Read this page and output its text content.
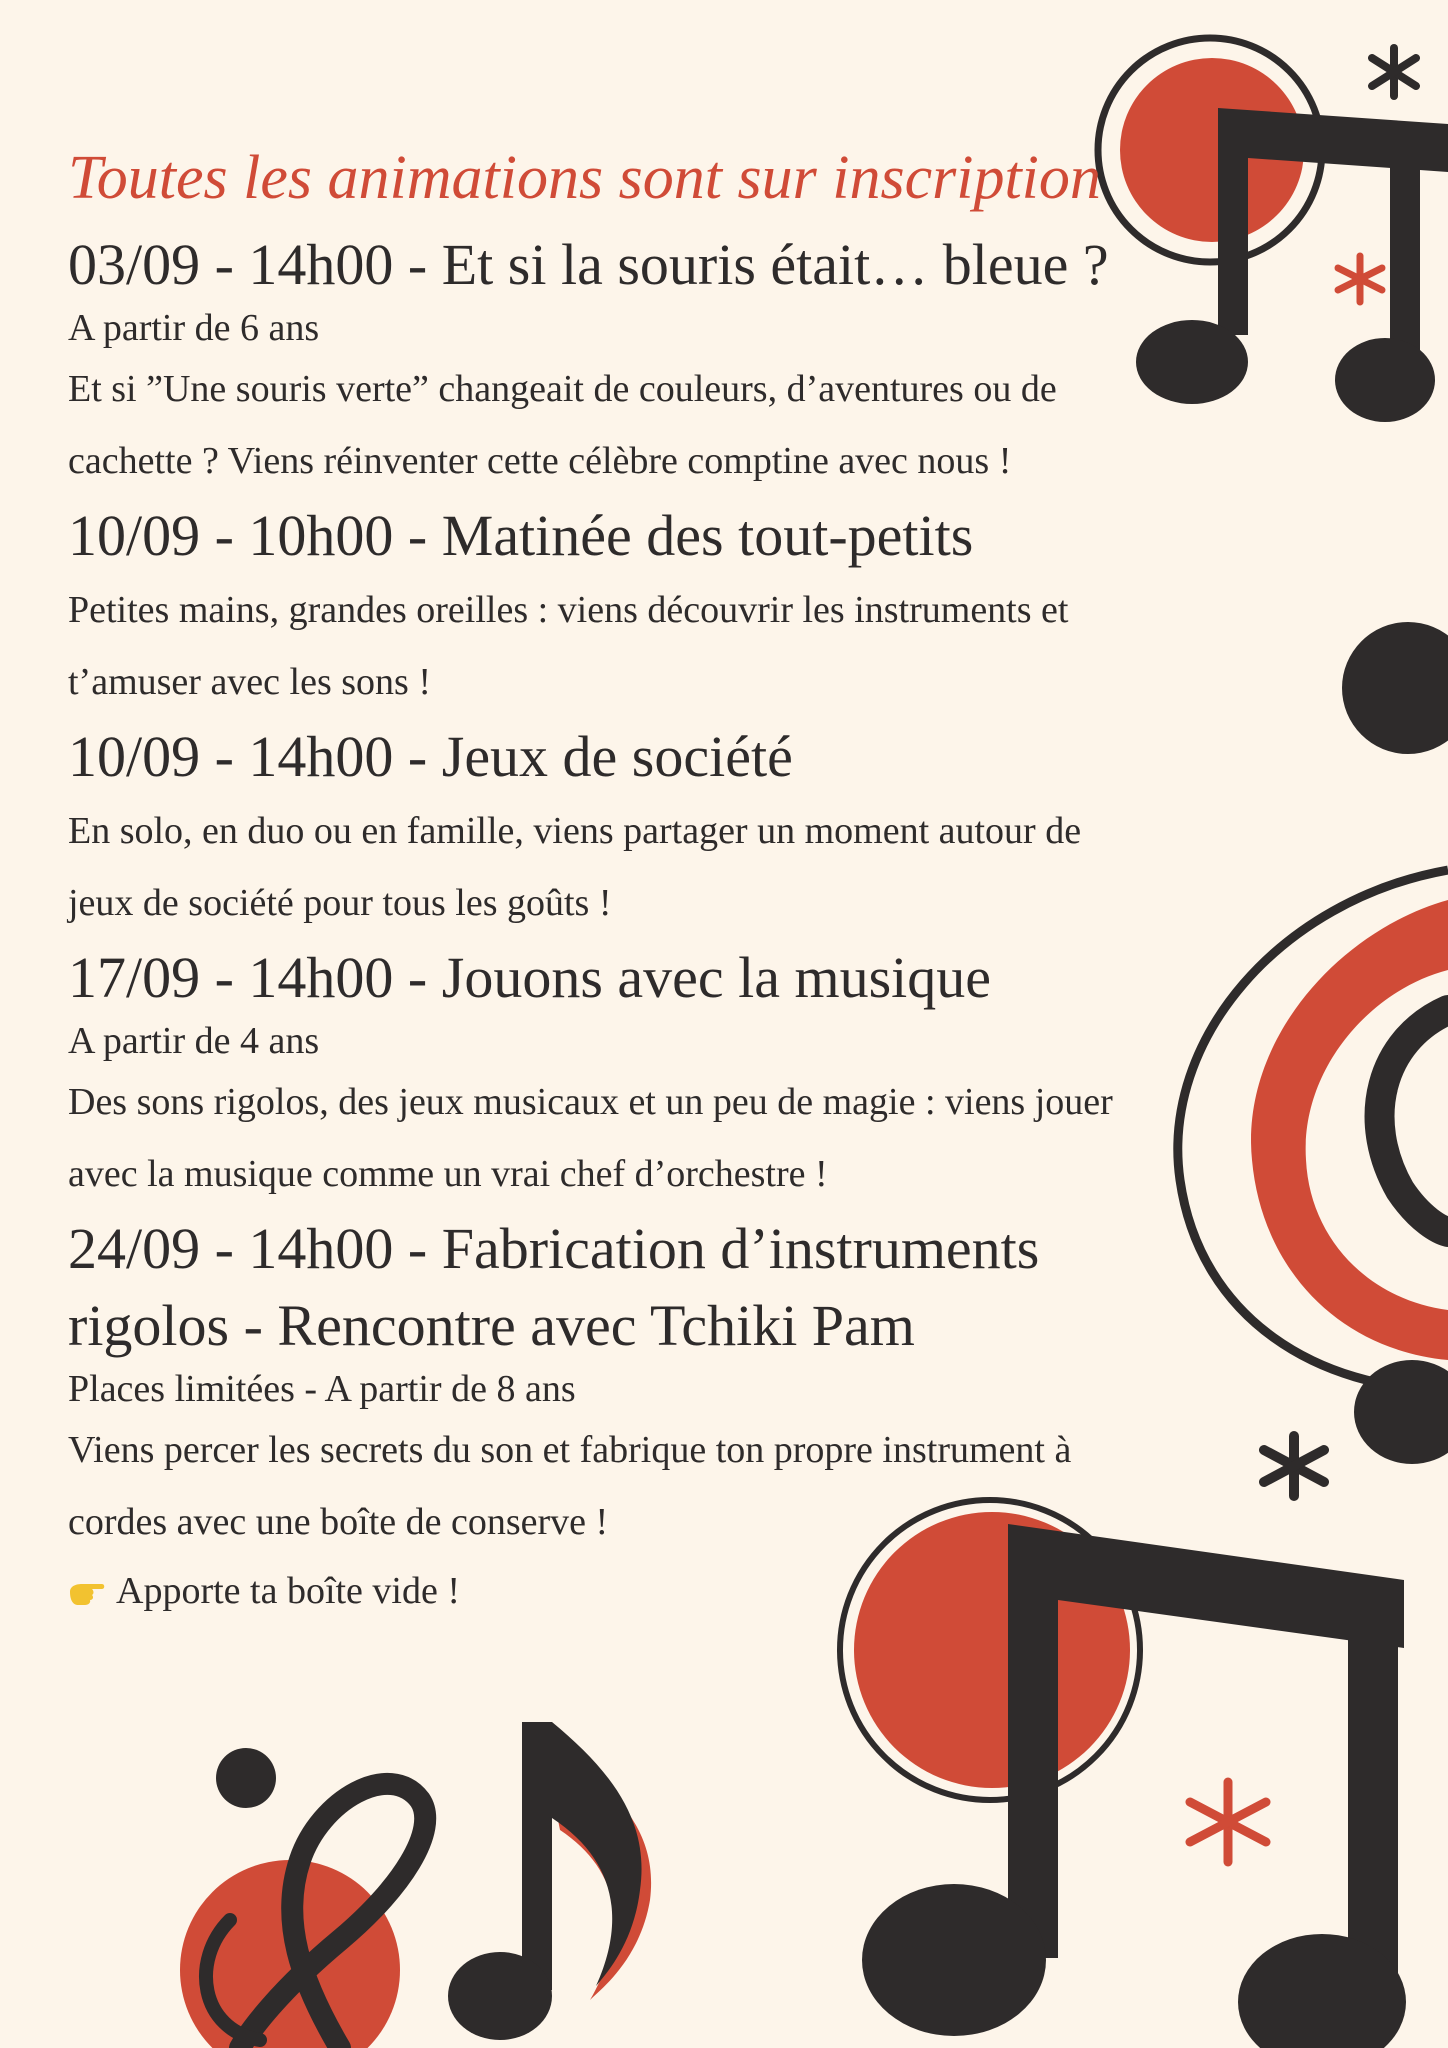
Toutes les animations sont sur inscription
03/09 - 14h00 - Et si la souris était… bleue ?

A partir de 6 ans

Et si ”Une souris verte” changeait de couleurs, d’aventures ou de cachette ? Viens réinventer cette célèbre comptine avec nous !

10/09 - 10h00 - Matinée des tout-petits

Petites mains, grandes oreilles : viens découvrir les instruments et t’amuser avec les sons !

10/09 - 14h00 - Jeux de société

En solo, en duo ou en famille, viens partager un moment autour de jeux de société pour tous les goûts !

17/09 - 14h00 - Jouons avec la musique

A partir de 4 ans

Des sons rigolos, des jeux musicaux et un peu de magie : viens jouer avec la musique comme un vrai chef d’orchestre !

24/09 - 14h00 - Fabrication d’instruments rigolos - Rencontre avec Tchiki Pam

Places limitées - A partir de 8 ans

Viens percer les secrets du son et fabrique ton propre instrument à cordes avec une boîte de conserve !

Apporte ta boîte vide !
